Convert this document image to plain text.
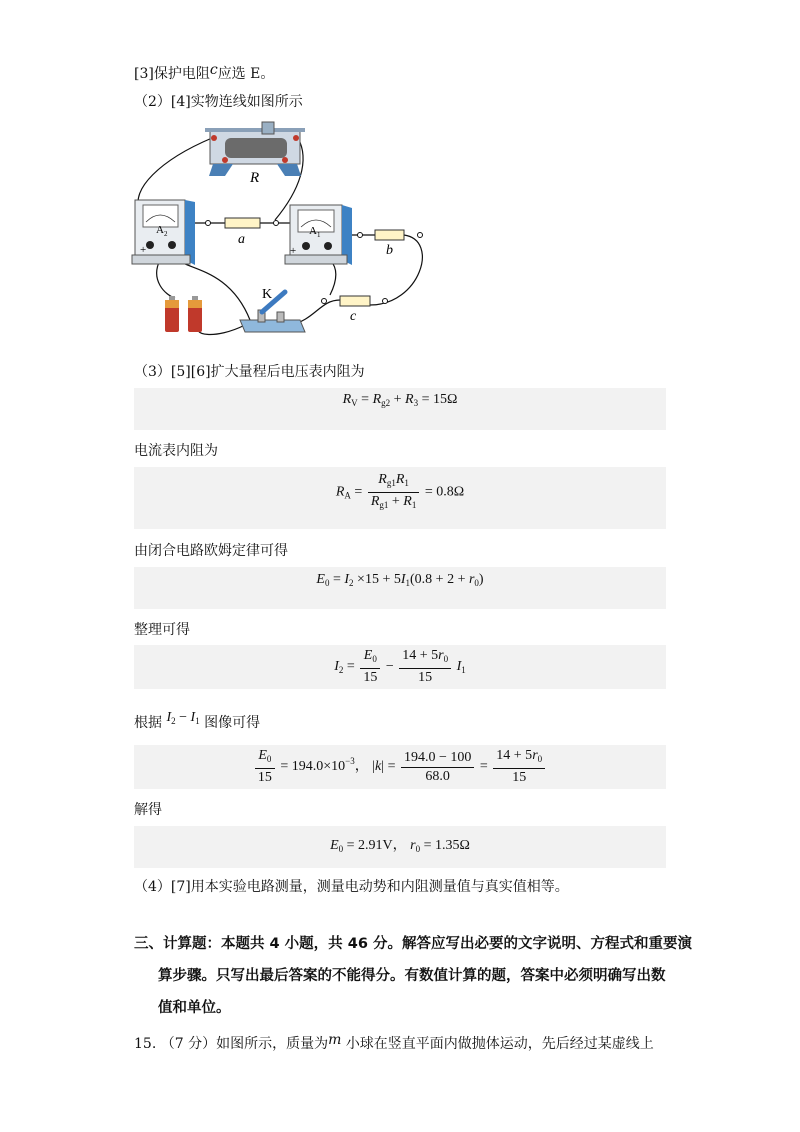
[3]保护电阻c应选 E。
（2）[4]实物连线如图所示
R
$A_2$
+
a
$A_1$
+	b
K
c
（3）[5][6]扩大量程后电压表内阻为
$R_V = R_{g2} + R_3 = 15\Omega$
电流表内阻为
$R_A = \frac{R_{g1}R_1}{R_{g1} + R_1} = 0.8\Omega$
由闭合电路欧姆定律可得
$E_0 = I_2 \times 15 + 5I_1(0.8 + 2 + r_0)$
整理可得
$I_2 = \frac{E_0}{15} - \frac{14 + 5r_0}{15} I_1$
根据 $I_2 - I_1$ 图像可得
$\frac{E_0}{15} = 194.0\times 10^{-3}$， $|k| = \frac{194.0 - 100}{68.0} = \frac{14 + 5r_0}{15}$
解得
$E_0 = 2.91V$， $r_0 = 1.35\Omega$
（4）[7]用本实验电路测量，测量电动势和内阻测量值与真实值相等。
三、计算题：本题共 4 小题，共 46 分。解答应写出必要的文字说明、方程式和重要演
算步骤。只写出最后答案的不能得分。有数值计算的题，答案中必须明确写出数
值和单位。
15. （7 分）如图所示，质量为m 小球在竖直平面内做抛体运动，先后经过某虚线上
